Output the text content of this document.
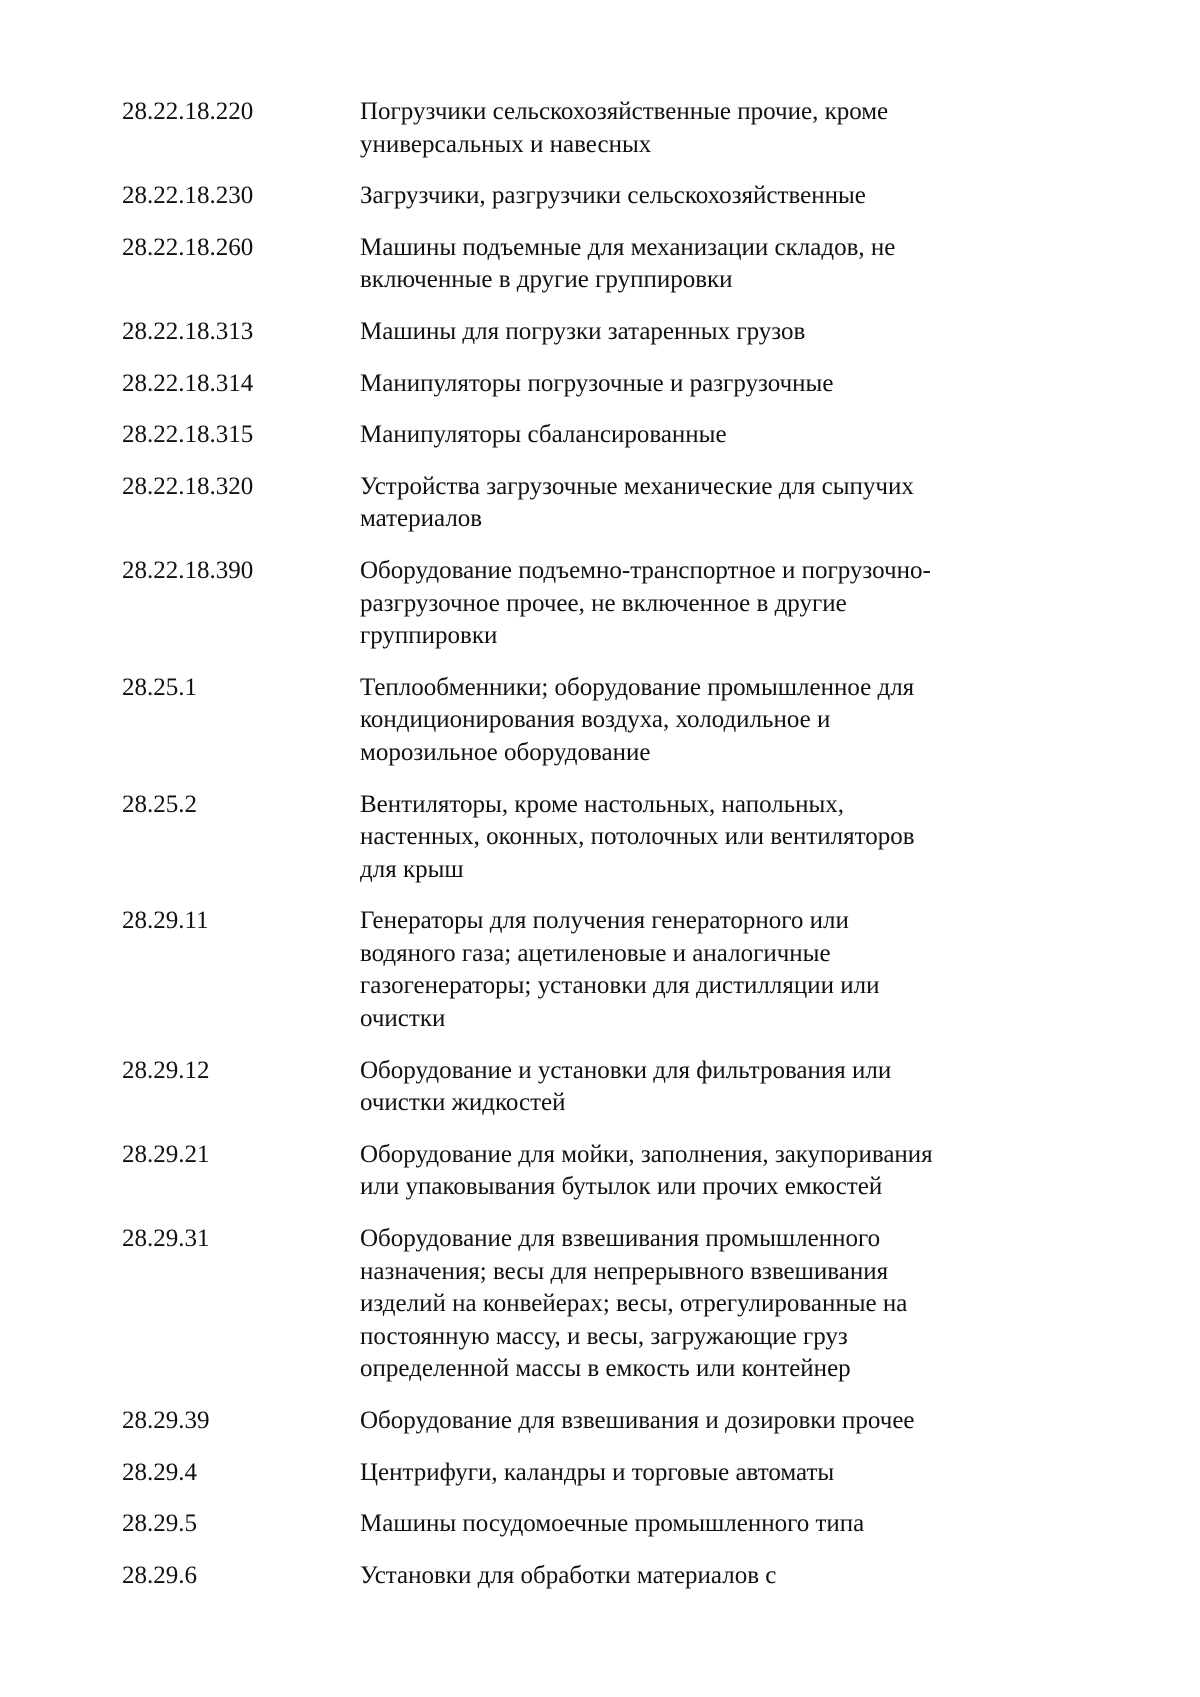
28.22.18.220	Погрузчики сельскохозяйственные прочие, кроме
универсальных и навесных
28.22.18.230	Загрузчики, разгрузчики сельскохозяйственные
28.22.18.260	Машины подъемные для механизации складов, не
включенные в другие группировки
28.22.18.313	Машины для погрузки затаренных грузов
28.22.18.314	Манипуляторы погрузочные и разгрузочные
28.22.18.315	Манипуляторы сбалансированные
28.22.18.320	Устройства загрузочные механические для сыпучих
материалов
28.22.18.390	Оборудование подъемно-транспортное и погрузочно-
разгрузочное прочее, не включенное в другие
группировки
28.25.1	Теплообменники; оборудование промышленное для
кондиционирования воздуха, холодильное и
морозильное оборудование
28.25.2	Вентиляторы, кроме настольных, напольных,
настенных, оконных, потолочных или вентиляторов
для крыш
28.29.11	Генераторы для получения генераторного или
водяного газа; ацетиленовые и аналогичные
газогенераторы; установки для дистилляции или
очистки
28.29.12	Оборудование и установки для фильтрования или
очистки жидкостей
28.29.21	Оборудование для мойки, заполнения, закупоривания
или упаковывания бутылок или прочих емкостей
28.29.31	Оборудование для взвешивания промышленного
назначения; весы для непрерывного взвешивания
изделий на конвейерах; весы, отрегулированные на
постоянную массу, и весы, загружающие груз
определенной массы в емкость или контейнер
28.29.39	Оборудование для взвешивания и дозировки прочее
28.29.4	Центрифуги, каландры и торговые автоматы
28.29.5	Машины посудомоечные промышленного типа
28.29.6	Установки для обработки материалов с
